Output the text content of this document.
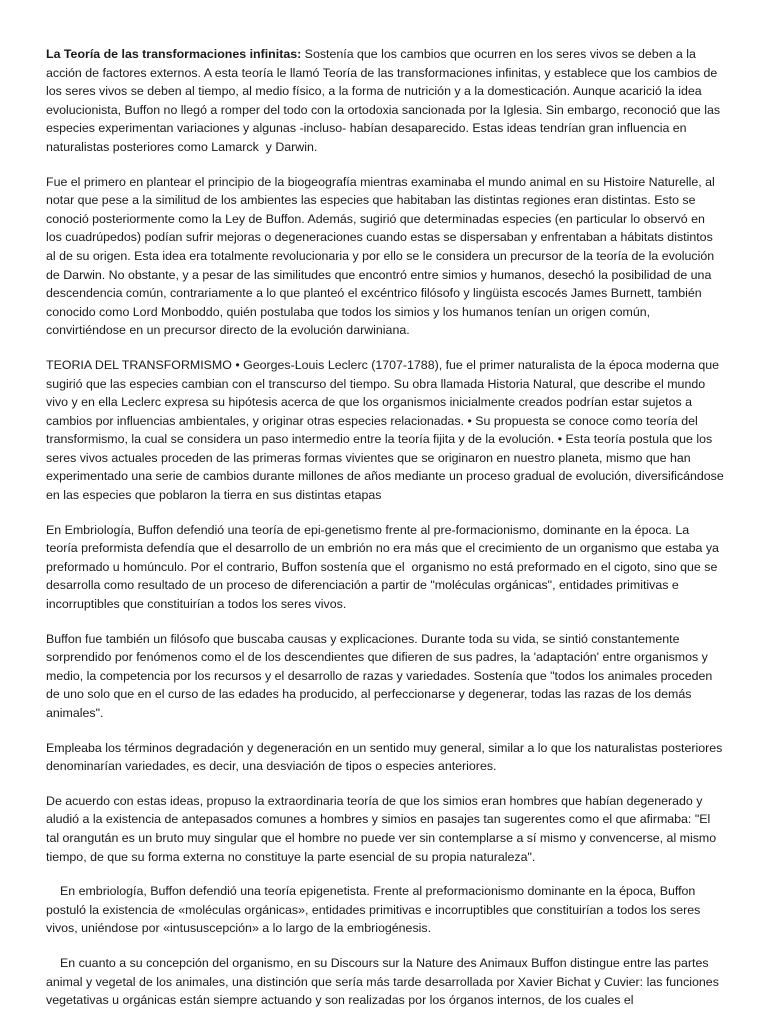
La Teoría de las transformaciones infinitas: Sostenía que los cambios que ocurren en los seres vivos se deben a la acción de factores externos. A esta teoría le llamó Teoría de las transformaciones infinitas, y establece que los cambios de los seres vivos se deben al tiempo, al medio físico, a la forma de nutrición y a la domesticación. Aunque acarició la idea evolucionista, Buffon no llegó a romper del todo con la ortodoxia sancionada por la Iglesia. Sin embargo, reconoció que las especies experimentan variaciones y algunas -incluso- habían desaparecido. Estas ideas tendrían gran influencia en naturalistas posteriores como Lamarck  y Darwin.

Fue el primero en plantear el principio de la biogeografía mientras examinaba el mundo animal en su Histoire Naturelle, al notar que pese a la similitud de los ambientes las especies que habitaban las distintas regiones eran distintas. Esto se conoció posteriormente como la Ley de Buffon. Además, sugirió que determinadas especies (en particular lo observó en los cuadrúpedos) podían sufrir mejoras o degeneraciones cuando estas se dispersaban y enfrentaban a hábitats distintos al de su origen. Esta idea era totalmente revolucionaria y por ello se le considera un precursor de la teoría de la evolución de Darwin. No obstante, y a pesar de las similitudes que encontró entre simios y humanos, desechó la posibilidad de una descendencia común, contrariamente a lo que planteó el excéntrico filósofo y lingüista escocés James Burnett, también conocido como Lord Monboddo, quién postulaba que todos los simios y los humanos tenían un origen común, convirtiéndose en un precursor directo de la evolución darwiniana.

TEORIA DEL TRANSFORMISMO • Georges-Louis Leclerc (1707-1788), fue el primer naturalista de la época moderna que sugirió que las especies cambian con el transcurso del tiempo. Su obra llamada Historia Natural, que describe el mundo vivo y en ella Leclerc expresa su hipótesis acerca de que los organismos inicialmente creados podrían estar sujetos a cambios por influencias ambientales, y originar otras especies relacionadas. • Su propuesta se conoce como teoría del transformismo, la cual se considera un paso intermedio entre la teoría fijita y de la evolución. • Esta teoría postula que los seres vivos actuales proceden de las primeras formas vivientes que se originaron en nuestro planeta, mismo que han experimentado una serie de cambios durante millones de años mediante un proceso gradual de evolución, diversificándose en las especies que poblaron la tierra en sus distintas etapas

En Embriología, Buffon defendió una teoría de epi-genetismo frente al pre-formacionismo, dominante en la época. La teoría preformista defendía que el desarrollo de un embrión no era más que el crecimiento de un organismo que estaba ya preformado u homúnculo. Por el contrario, Buffon sostenía que el  organismo no está preformado en el cigoto, sino que se desarrolla como resultado de un proceso de diferenciación a partir de "moléculas orgánicas", entidades primitivas e incorruptibles que constituirían a todos los seres vivos.

Buffon fue también un filósofo que buscaba causas y explicaciones. Durante toda su vida, se sintió constantemente sorprendido por fenómenos como el de los descendientes que difieren de sus padres, la 'adaptación' entre organismos y medio, la competencia por los recursos y el desarrollo de razas y variedades. Sostenía que "todos los animales proceden de uno solo que en el curso de las edades ha producido, al perfeccionarse y degenerar, todas las razas de los demás animales".

Empleaba los términos degradación y degeneración en un sentido muy general, similar a lo que los naturalistas posteriores denominarían variedades, es decir, una desviación de tipos o especies anteriores.

De acuerdo con estas ideas, propuso la extraordinaria teoría de que los simios eran hombres que habían degenerado y aludió a la existencia de antepasados comunes a hombres y simios en pasajes tan sugerentes como el que afirmaba: "El tal orangután es un bruto muy singular que el hombre no puede ver sin contemplarse a sí mismo y convencerse, al mismo tiempo, de que su forma externa no constituye la parte esencial de su propia naturaleza".

En embriología, Buffon defendió una teoría epigenetista. Frente al preformacionismo dominante en la época, Buffon postuló la existencia de «moléculas orgánicas», entidades primitivas e incorruptibles que constituirían a todos los seres vivos, uniéndose por «intususcepción» a lo largo de la embriogénesis.

En cuanto a su concepción del organismo, en su Discours sur la Nature des Animaux Buffon distingue entre las partes animal y vegetal de los animales, una distinción que sería más tarde desarrollada por Xavier Bichat y Cuvier: las funciones vegetativas u orgánicas están siempre actuando y son realizadas por los órganos internos, de los cuales el
